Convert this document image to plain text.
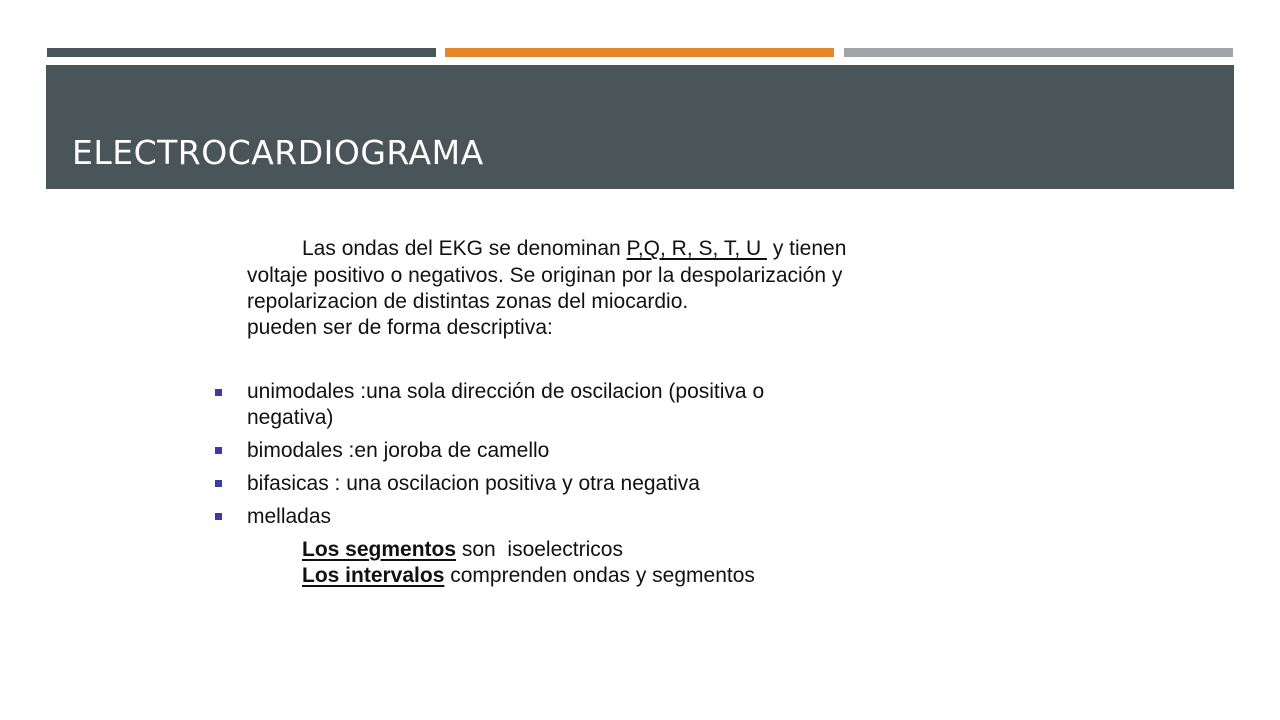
ELECTROCARDIOGRAMA
Las ondas del EKG se denominan P,Q, R, S, T, U  y tienen
voltaje positivo o negativos. Se originan por la despolarización y
repolarizacion de distintas zonas del miocardio.
pueden ser de forma descriptiva:
unimodales :una sola dirección de oscilacion (positiva o
negativa)
bimodales :en joroba de camello
bifasicas : una oscilacion positiva y otra negativa
melladas
Los segmentos son  isoelectricos
Los intervalos comprenden ondas y segmentos
